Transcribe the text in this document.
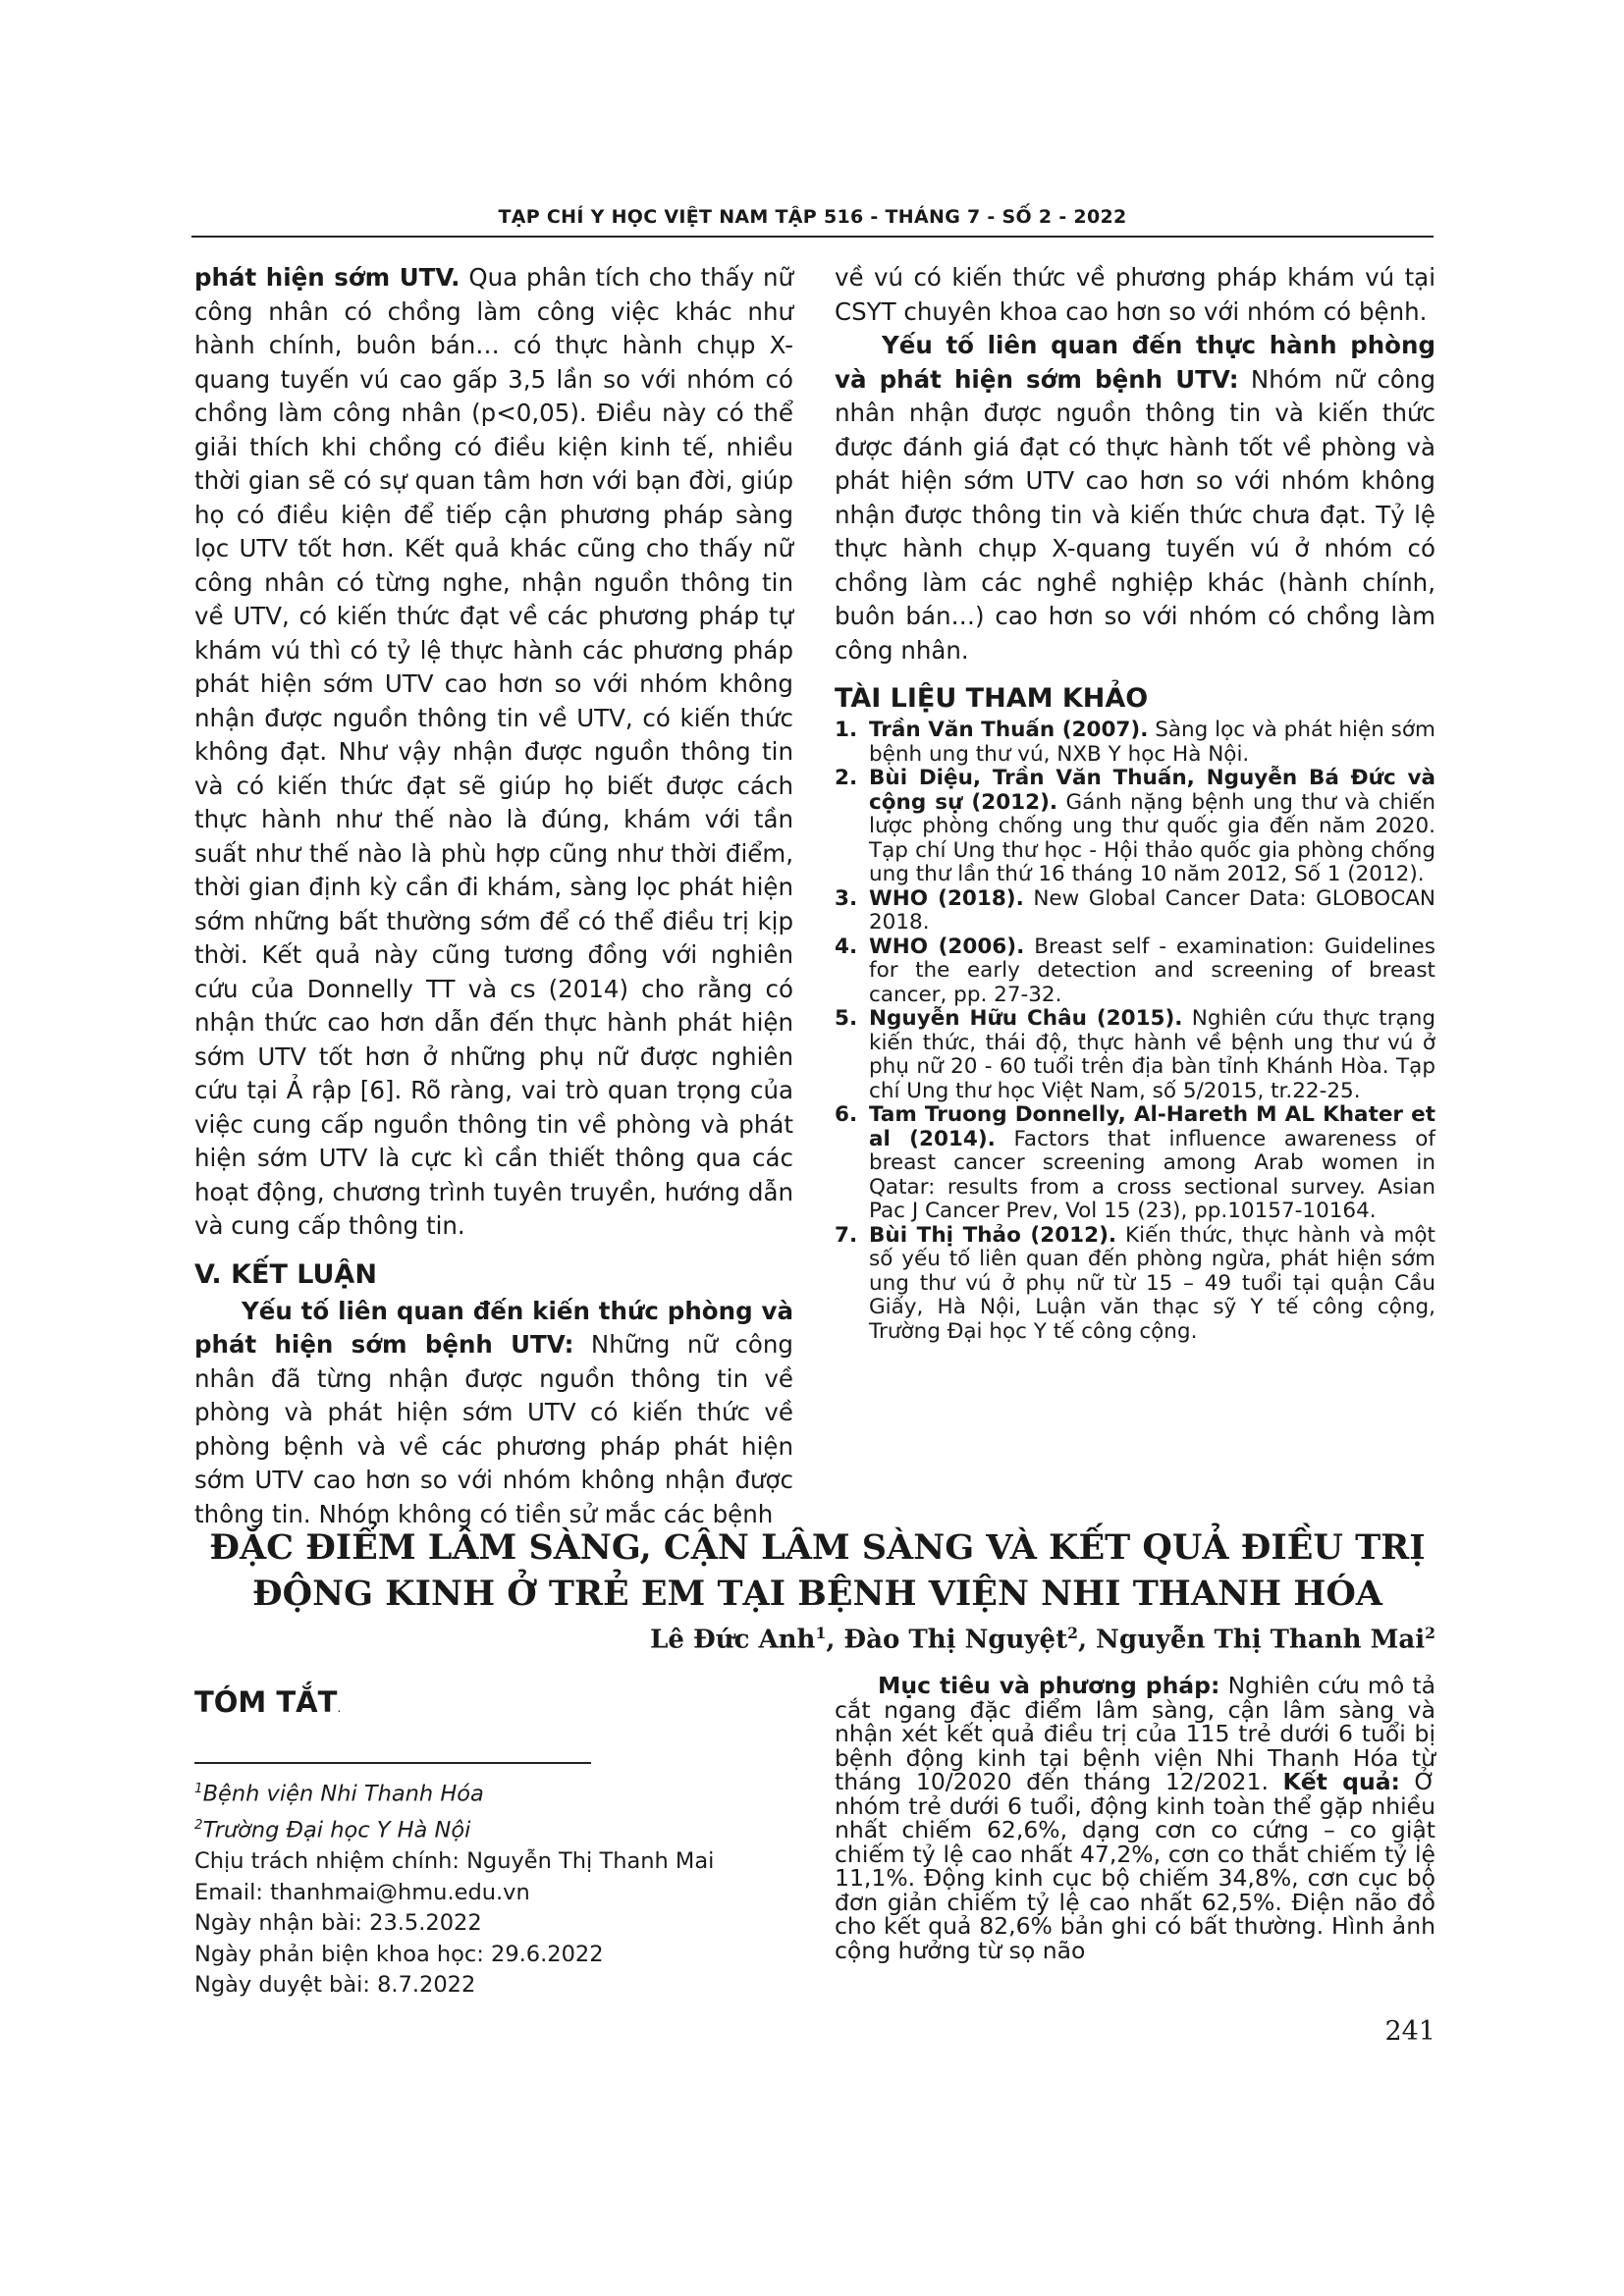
TẠP CHÍ Y HỌC VIỆT NAM TẬP 516 - THÁNG 7 - SỐ 2 - 2022

phát hiện sớm UTV. Qua phân tích cho thấy nữ công nhân có chồng làm công việc khác như hành chính, buôn bán… có thực hành chụp X-quang tuyến vú cao gấp 3,5 lần so với nhóm có chồng làm công nhân (p<0,05). Điều này có thể giải thích khi chồng có điều kiện kinh tế, nhiều thời gian sẽ có sự quan tâm hơn với bạn đời, giúp họ có điều kiện để tiếp cận phương pháp sàng lọc UTV tốt hơn. Kết quả khác cũng cho thấy nữ công nhân có từng nghe, nhận nguồn thông tin về UTV, có kiến thức đạt về các phương pháp tự khám vú thì có tỷ lệ thực hành các phương pháp phát hiện sớm UTV cao hơn so với nhóm không nhận được nguồn thông tin về UTV, có kiến thức không đạt. Như vậy nhận được nguồn thông tin và có kiến thức đạt sẽ giúp họ biết được cách thực hành như thế nào là đúng, khám với tần suất như thế nào là phù hợp cũng như thời điểm, thời gian định kỳ cần đi khám, sàng lọc phát hiện sớm những bất thường sớm để có thể điều trị kịp thời. Kết quả này cũng tương đồng với nghiên cứu của Donnelly TT và cs (2014) cho rằng có nhận thức cao hơn dẫn đến thực hành phát hiện sớm UTV tốt hơn ở những phụ nữ được nghiên cứu tại Ả rập [6]. Rõ ràng, vai trò quan trọng của việc cung cấp nguồn thông tin về phòng và phát hiện sớm UTV là cực kì cần thiết thông qua các hoạt động, chương trình tuyên truyền, hướng dẫn và cung cấp thông tin.

V. KẾT LUẬN

Yếu tố liên quan đến kiến thức phòng và phát hiện sớm bệnh UTV: Những nữ công nhân đã từng nhận được nguồn thông tin về phòng và phát hiện sớm UTV có kiến thức về phòng bệnh và về các phương pháp phát hiện sớm UTV cao hơn so với nhóm không nhận được thông tin. Nhóm không có tiền sử mắc các bệnh

về vú có kiến thức về phương pháp khám vú tại CSYT chuyên khoa cao hơn so với nhóm có bệnh.

Yếu tố liên quan đến thực hành phòng và phát hiện sớm bệnh UTV: Nhóm nữ công nhân nhận được nguồn thông tin và kiến thức được đánh giá đạt có thực hành tốt về phòng và phát hiện sớm UTV cao hơn so với nhóm không nhận được thông tin và kiến thức chưa đạt. Tỷ lệ thực hành chụp X-quang tuyến vú ở nhóm có chồng làm các nghề nghiệp khác (hành chính, buôn bán…) cao hơn so với nhóm có chồng làm công nhân.

TÀI LIỆU THAM KHẢO
1. Trần Văn Thuấn (2007). Sàng lọc và phát hiện sớm bệnh ung thư vú, NXB Y học Hà Nội.
2. Bùi Diệu, Trần Văn Thuấn, Nguyễn Bá Đức và cộng sự (2012). Gánh nặng bệnh ung thư và chiến lược phòng chống ung thư quốc gia đến năm 2020. Tạp chí Ung thư học - Hội thảo quốc gia phòng chống ung thư lần thứ 16 tháng 10 năm 2012, Số 1 (2012).
3. WHO (2018). New Global Cancer Data: GLOBOCAN 2018.
4. WHO (2006). Breast self - examination: Guidelines for the early detection and screening of breast cancer, pp. 27-32.
5. Nguyễn Hữu Châu (2015). Nghiên cứu thực trạng kiến thức, thái độ, thực hành về bệnh ung thư vú ở phụ nữ 20 - 60 tuổi trên địa bàn tỉnh Khánh Hòa. Tạp chí Ung thư học Việt Nam, số 5/2015, tr.22-25.
6. Tam Truong Donnelly, Al-Hareth M AL Khater et al (2014). Factors that influence awareness of breast cancer screening among Arab women in Qatar: results from a cross sectional survey. Asian Pac J Cancer Prev, Vol 15 (23), pp.10157-10164.
7. Bùi Thị Thảo (2012). Kiến thức, thực hành và một số yếu tố liên quan đến phòng ngừa, phát hiện sớm ung thư vú ở phụ nữ từ 15 – 49 tuổi tại quận Cầu Giấy, Hà Nội, Luận văn thạc sỹ Y tế công cộng, Trường Đại học Y tế công cộng.
ĐẶC ĐIỂM LÂM SÀNG, CẬN LÂM SÀNG VÀ KẾT QUẢ ĐIỀU TRỊ
ĐỘNG KINH Ở TRẺ EM TẠI BỆNH VIỆN NHI THANH HÓA
Lê Đức Anh$^1$, Đào Thị Nguyệt$^2$, Nguyễn Thị Thanh Mai$^2$
TÓM TẮT.

$^1$Bệnh viện Nhi Thanh Hóa

$^2$Trường Đại học Y Hà Nội

Chịu trách nhiệm chính: Nguyễn Thị Thanh Mai

Email: thanhmai@hmu.edu.vn

Ngày nhận bài: 23.5.2022

Ngày phản biện khoa học: 29.6.2022

Ngày duyệt bài: 8.7.2022

Mục tiêu và phương pháp: Nghiên cứu mô tả cắt ngang đặc điểm lâm sàng, cận lâm sàng và nhận xét kết quả điều trị của 115 trẻ dưới 6 tuổi bị bệnh động kinh tại bệnh viện Nhi Thanh Hóa từ tháng 10/2020 đến tháng 12/2021. Kết quả: Ở nhóm trẻ dưới 6 tuổi, động kinh toàn thể gặp nhiều nhất chiếm 62,6%, dạng cơn co cứng – co giật chiếm tỷ lệ cao nhất 47,2%, cơn co thắt chiếm tỷ lệ 11,1%. Động kinh cục bộ chiếm 34,8%, cơn cục bộ đơn giản chiếm tỷ lệ cao nhất 62,5%. Điện não đồ cho kết quả 82,6% bản ghi có bất thường. Hình ảnh cộng hưởng từ sọ não

241
